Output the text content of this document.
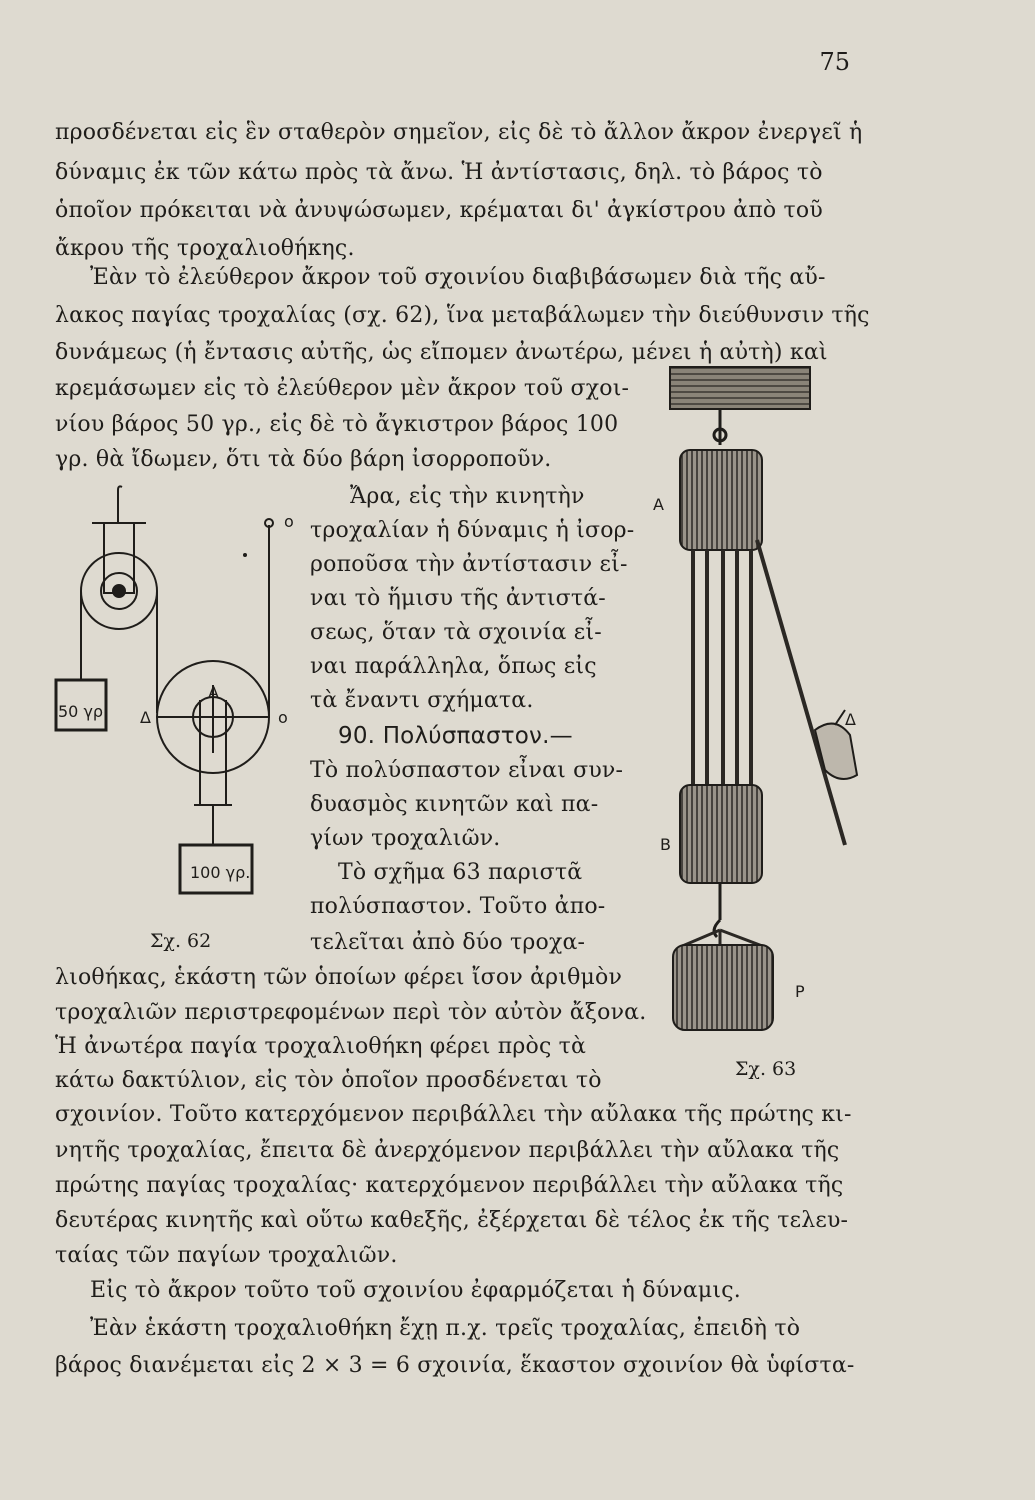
75
προσδένεται εἰς ἓν σταθερὸν σημεῖον, εἰς δὲ τὸ ἄλλον ἄκρον ἐνεργεῖ ἡ
δύναμις ἐκ τῶν κάτω πρὸς τὰ ἄνω. Ἡ ἀντίστασις, δηλ. τὸ βάρος τὸ
ὁποῖον πρόκειται νὰ ἀνυψώσωμεν, κρέμαται δι' ἀγκίστρου ἀπὸ τοῦ
ἄκρου τῆς τροχαλιοθήκης.
Ἐὰν τὸ ἐλεύθερον ἄκρον τοῦ σχοινίου διαβιβάσωμεν διὰ τῆς αὔ-
λακος παγίας τροχαλίας (σχ. 62), ἵνα μεταβάλωμεν τὴν διεύθυνσιν τῆς
δυνάμεως (ἡ ἔντασις αὐτῆς, ὡς εἴπομεν ἀνωτέρω, μένει ἡ αὐτὴ) καὶ
κρεμάσωμεν εἰς τὸ ἐλεύθερον μὲν ἄκρον τοῦ σχοι-
νίου βάρος 50 γρ., εἰς δὲ τὸ ἄγκιστρον βάρος 100
γρ. θὰ ἴδωμεν, ὅτι τὰ δύο βάρη ἰσορροποῦν.
Ἄρα, εἰς τὴν κινητὴν
τροχαλίαν ἡ δύναμις ἡ ἰσορ-
ροποῦσα τὴν ἀντίστασιν εἶ-
ναι τὸ ἥμισυ τῆς ἀντιστά-
σεως, ὅταν τὰ σχοινία εἶ-
ναι παράλληλα, ὅπως εἰς
τὰ ἔναντι σχήματα.
90. Πολύσπαστον.—
Τὸ πολύσπαστον εἶναι συν-
δυασμὸς κινητῶν καὶ πα-
γίων τροχαλιῶν.
Τὸ σχῆμα 63 παριστᾶ
πολύσπαστον. Τοῦτο ἀπο-
τελεῖται ἀπὸ δύο τροχα-
λιοθήκας, ἑκάστη τῶν ὁποίων φέρει ἴσον ἀριθμὸν
τροχαλιῶν περιστρεφομένων περὶ τὸν αὐτὸν ἄξονα.
Ἡ ἀνωτέρα παγία τροχαλιοθήκη φέρει πρὸς τὰ
κάτω δακτύλιον, εἰς τὸν ὁποῖον προσδένεται τὸ
σχοινίον. Τοῦτο κατερχόμενον περιβάλλει τὴν αὔλακα τῆς πρώτης κι-
νητῆς τροχαλίας, ἔπειτα δὲ ἀνερχόμενον περιβάλλει τὴν αὔλακα τῆς
πρώτης παγίας τροχαλίας· κατερχόμενον περιβάλλει τὴν αὔλακα τῆς
δευτέρας κινητῆς καὶ οὕτω καθεξῆς, ἐξέρχεται δὲ τέλος ἐκ τῆς τελευ-
ταίας τῶν παγίων τροχαλιῶν.
Εἰς τὸ ἄκρον τοῦτο τοῦ σχοινίου ἐφαρμόζεται ἡ δύναμις.
Ἐὰν ἑκάστη τροχαλιοθήκη ἔχῃ π.χ. τρεῖς τροχαλίας, ἐπειδὴ τὸ
βάρος διανέμεται εἰς 2 × 3 = 6 σχοινία, ἕκαστον σχοινίον θὰ ὑφίστα-
50 γρ.
100 γρ.
Α
Δ
ο
ο
Σχ. 62
A
B
P
Δ
Σχ. 63
